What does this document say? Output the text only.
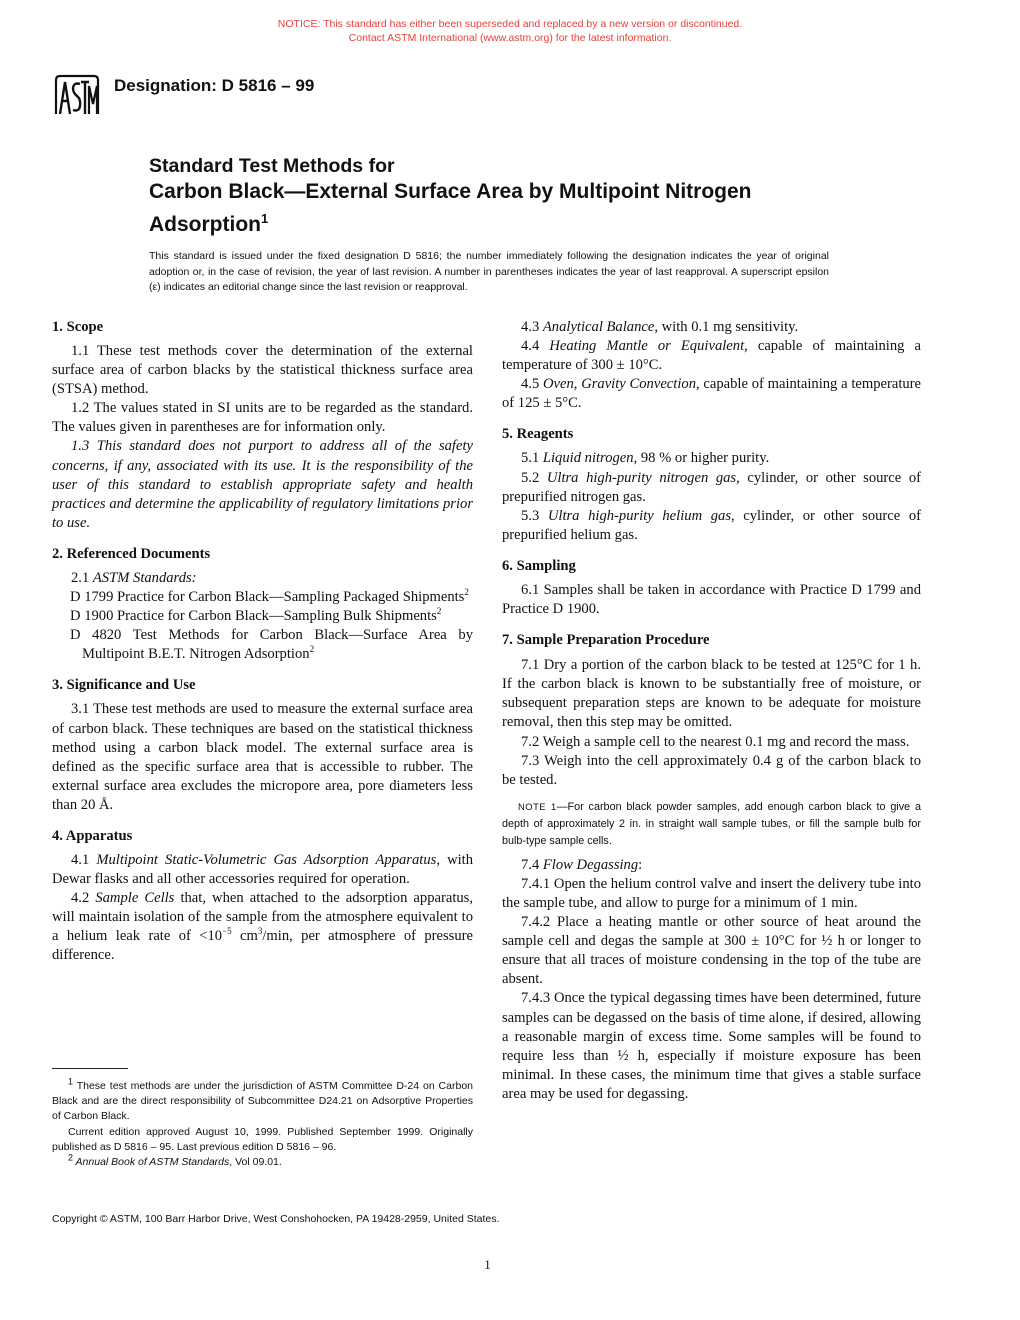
NOTICE: This standard has either been superseded and replaced by a new version or discontinued.
Contact ASTM International (www.astm.org) for the latest information.
Designation: D 5816 – 99
Standard Test Methods for
Carbon Black—External Surface Area by Multipoint Nitrogen
Adsorption$^1$
This standard is issued under the fixed designation D 5816; the number immediately following the designation indicates the year of original adoption or, in the case of revision, the year of last revision. A number in parentheses indicates the year of last reapproval. A superscript epsilon (ε) indicates an editorial change since the last revision or reapproval.
1. Scope

1.1 These test methods cover the determination of the external surface area of carbon blacks by the statistical thickness surface area (STSA) method.

1.2 The values stated in SI units are to be regarded as the standard. The values given in parentheses are for information only.

1.3 This standard does not purport to address all of the safety concerns, if any, associated with its use. It is the responsibility of the user of this standard to establish appropriate safety and health practices and determine the applicability of regulatory limitations prior to use.

2. Referenced Documents

2.1 ASTM Standards:

D 1799 Practice for Carbon Black—Sampling Packaged Shipments$^2$

D 1900 Practice for Carbon Black—Sampling Bulk Shipments$^2$

D 4820 Test Methods for Carbon Black—Surface Area by Multipoint B.E.T. Nitrogen Adsorption$^2$

3. Significance and Use

3.1 These test methods are used to measure the external surface area of carbon black. These techniques are based on the statistical thickness method using a carbon black model. The external surface area is defined as the specific surface area that is accessible to rubber. The external surface area excludes the micropore area, pore diameters less than 20 Å.

4. Apparatus

4.1 Multipoint Static-Volumetric Gas Adsorption Apparatus, with Dewar flasks and all other accessories required for operation.

4.2 Sample Cells that, when attached to the adsorption apparatus, will maintain isolation of the sample from the atmosphere equivalent to a helium leak rate of $<10^{-5}$ $cm^3/\min$, per atmosphere of pressure difference.

$^1$ These test methods are under the jurisdiction of ASTM Committee D-24 on Carbon Black and are the direct responsibility of Subcommittee D24.21 on Adsorptive Properties of Carbon Black.

Current edition approved August 10, 1999. Published September 1999. Originally published as D 5816 – 95. Last previous edition D 5816 – 96.

$^2$ Annual Book of ASTM Standards, Vol 09.01.

4.3 Analytical Balance, with 0.1 mg sensitivity.

4.4 Heating Mantle or Equivalent, capable of maintaining a temperature of 300 ± 10°C.

4.5 Oven, Gravity Convection, capable of maintaining a temperature of 125 ± 5°C.

5. Reagents

5.1 Liquid nitrogen, 98 % or higher purity.

5.2 Ultra high-purity nitrogen gas, cylinder, or other source of prepurified nitrogen gas.

5.3 Ultra high-purity helium gas, cylinder, or other source of prepurified helium gas.

6. Sampling

6.1 Samples shall be taken in accordance with Practice D 1799 and Practice D 1900.

7. Sample Preparation Procedure

7.1 Dry a portion of the carbon black to be tested at 125°C for 1 h. If the carbon black is known to be substantially free of moisture, or subsequent preparation steps are known to be adequate for moisture removal, then this step may be omitted.

7.2 Weigh a sample cell to the nearest 0.1 mg and record the mass.

7.3 Weigh into the cell approximately 0.4 g of the carbon black to be tested.

NOTE 1—For carbon black powder samples, add enough carbon black to give a depth of approximately 2 in. in straight wall sample tubes, or fill the sample bulb for bulb-type sample cells.

7.4 Flow Degassing:

7.4.1 Open the helium control valve and insert the delivery tube into the sample tube, and allow to purge for a minimum of 1 min.

7.4.2 Place a heating mantle or other source of heat around the sample cell and degas the sample at 300 ± 10°C for ½ h or longer to ensure that all traces of moisture condensing in the top of the tube are absent.

7.4.3 Once the typical degassing times have been determined, future samples can be degassed on the basis of time alone, if desired, allowing a reasonable margin of excess time. Some samples will be found to require less than ½ h, especially if moisture exposure has been minimal. In these cases, the minimum time that gives a stable surface area may be used for degassing.

Copyright © ASTM, 100 Barr Harbor Drive, West Conshohocken, PA 19428-2959, United States.
1
